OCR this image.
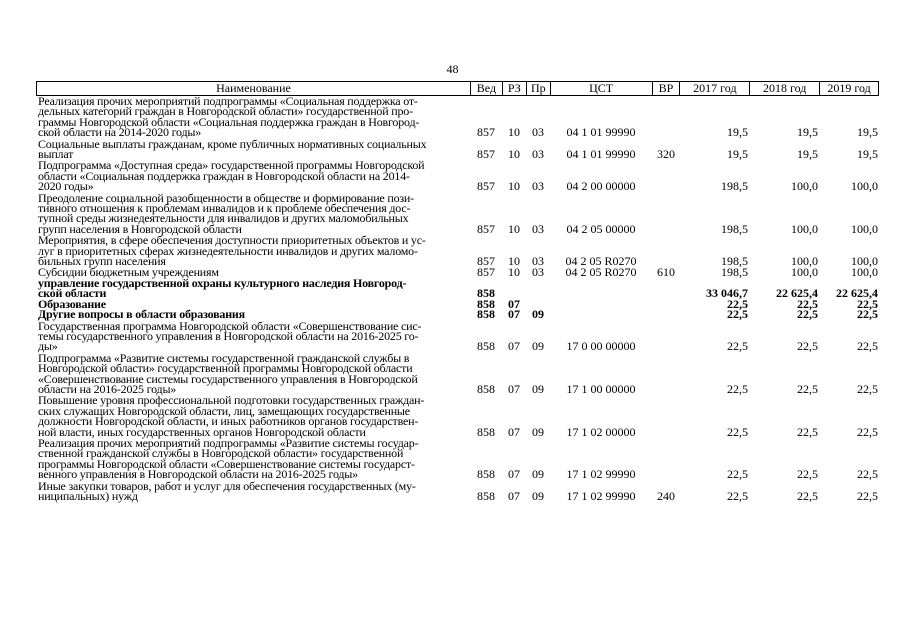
48
Наименование	Вед РЗ Пр	ЦСТ	ВР	2017 год	2018 год	2019 год
Реализация прочих мероприятий подпрограммы «Социальная поддержка от-
дельных категорий граждан в Новгородской области» государственной про-
граммы Новгородской области «Социальная поддержка граждан в Новгород-
ской области на 2014-2020 годы»	857	10	03	04 1 01 99990	19,5	19,5	19,5
Социальные выплаты гражданам, кроме публичных нормативных социальных
выплат	857	10	03	04 1 01 99990	320	19,5	19,5	19,5
Подпрограмма «Доступная среда» государственной программы Новгородской
области «Социальная поддержка граждан в Новгородской области на 2014-
2020 годы»	857	10	03	04 2 00 00000	198,5	100,0	100,0
Преодоление социальной разобщенности в обществе и формирование пози-
тивного отношения к проблемам инвалидов и к проблеме обеспечения дос-
тупной среды жизнедеятельности для инвалидов и других маломобильных
групп населения в Новгородской области	857	10	03	04 2 05 00000	198,5	100,0	100,0
Мероприятия, в сфере обеспечения доступности приоритетных объектов и ус-
луг в приоритетных сферах жизнедеятельности инвалидов и других маломо-
бильных групп населения	857	10	03	04 2 05 R0270	198,5	100,0	100,0
Субсидии бюджетным учреждениям	857	10	03	04 2 05 R0270	610	198,5	100,0	100,0
управление государственной охраны культурного наследия Новгород-
ской области	858	33 046,7	22 625,4	22 625,4
Образование	858	07	22,5	22,5	22,5
Другие вопросы в области образования	858	07	09	22,5	22,5	22,5
Государственная программа Новгородской области «Совершенствование сис-
темы государственного управления в Новгородской области на 2016-2025 го-
ды»	858	07	09	17 0 00 00000	22,5	22,5	22,5
Подпрограмма «Развитие системы государственной гражданской службы в
Новгородской области» государственной программы Новгородской области
«Совершенствование системы государственного управления в Новгородской
области на 2016-2025 годы»	858	07	09	17 1 00 00000	22,5	22,5	22,5
Повышение уровня профессиональной подготовки государственных граждан-
ских служащих Новгородской области, лиц, замещающих государственные
должности Новгородской области, и иных работников органов государствен-
ной власти, иных государственных органов Новгородской области	858	07	09	17 1 02 00000	22,5	22,5	22,5
Реализация прочих мероприятий подпрограммы «Развитие системы государ-
ственной гражданской службы в Новгородской области» государственной
программы Новгородской области «Совершенствование системы государст-
венного управления в Новгородской области на 2016-2025 годы»	858	07	09	17 1 02 99990	22,5	22,5	22,5
Иные закупки товаров, работ и услуг для обеспечения государственных (му-
ниципальных) нужд	858	07	09	17 1 02 99990	240	22,5	22,5	22,5
